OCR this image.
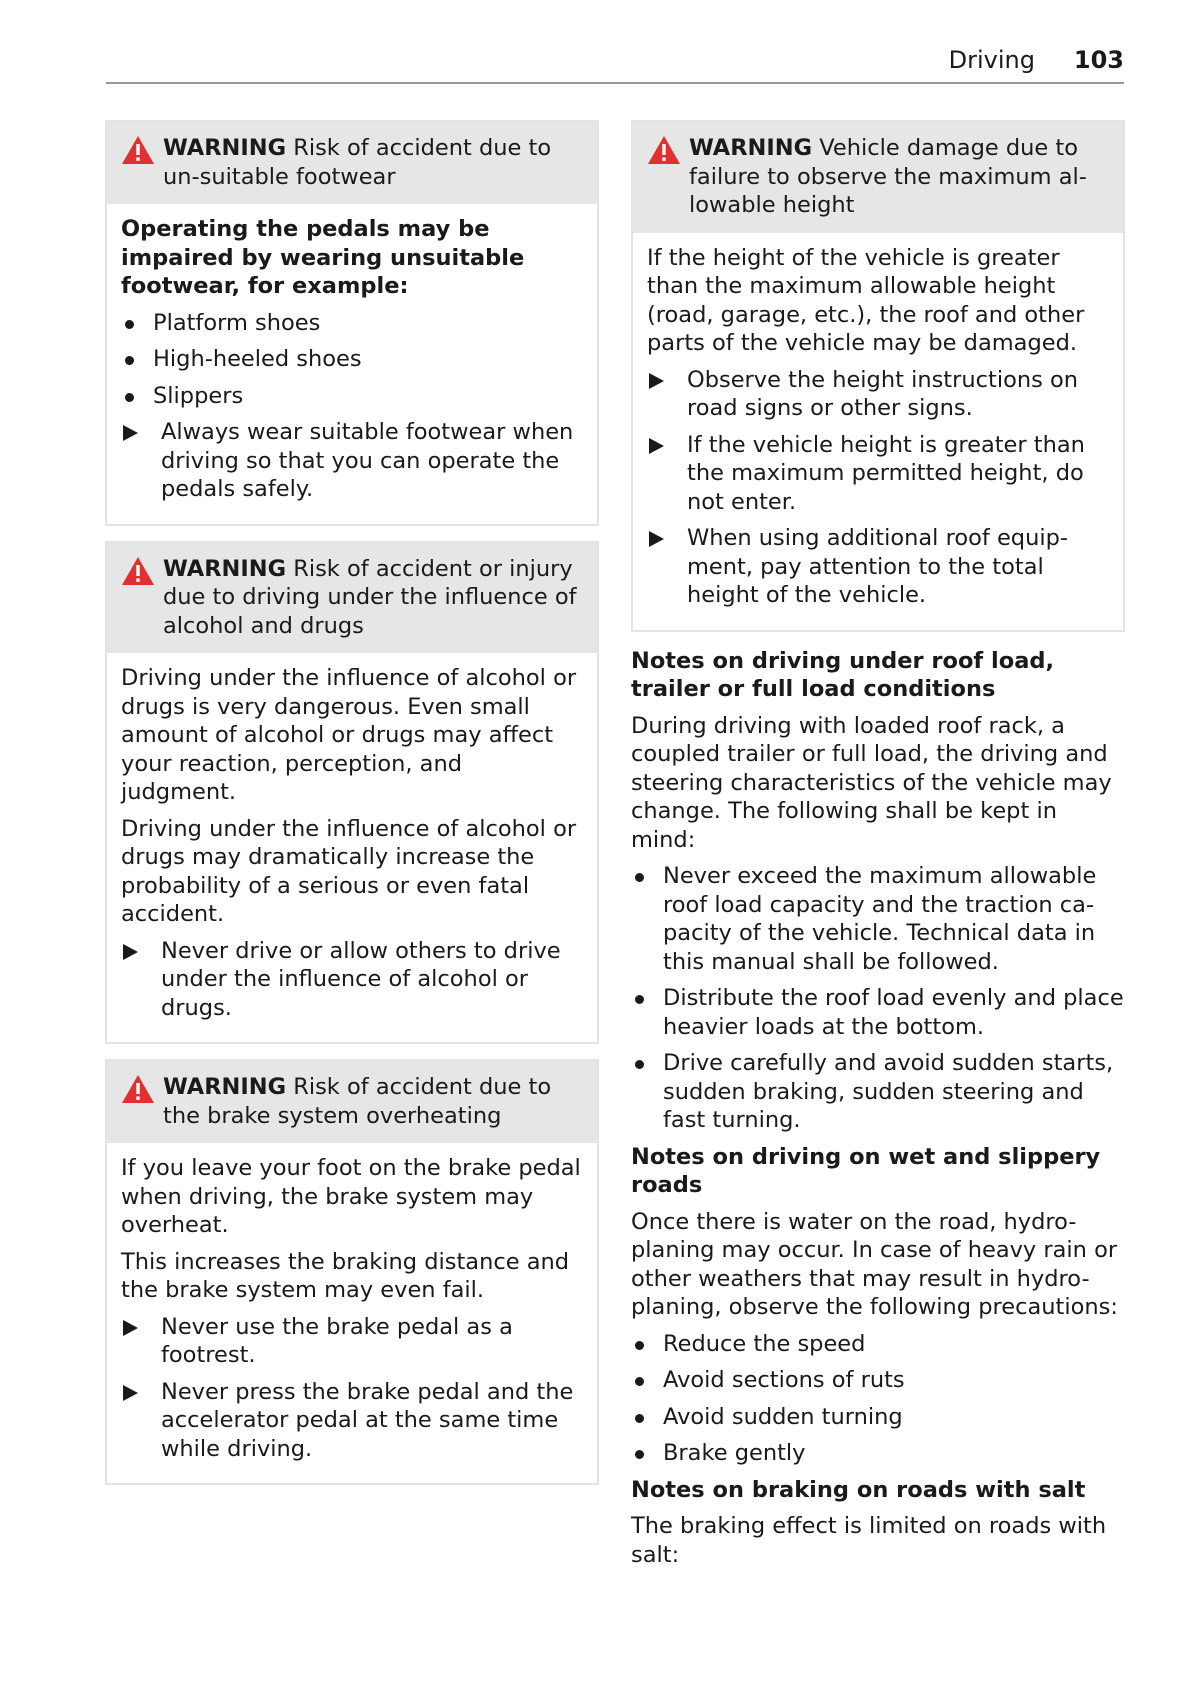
Driving 103
WARNING Risk of accident due to un-suitable footwear

Operating the pedals may be impaired by wearing unsuitable footwear, for example:

Platform shoes
High-heeled shoes
Slippers
Always wear suitable footwear when driving so that you can operate the pedals safely.
WARNING Risk of accident or injury due to driving under the influence of alcohol and drugs

Driving under the influence of alcohol or drugs is very dangerous. Even small amount of alcohol or drugs may affect your reaction, perception, and judgment.

Driving under the influence of alcohol or drugs may dramatically increase the probability of a serious or even fatal accident.

Never drive or allow others to drive under the influence of alcohol or drugs.
WARNING Risk of accident due to the brake system overheating

If you leave your foot on the brake pedal when driving, the brake system may overheat.

This increases the braking distance and the brake system may even fail.

Never use the brake pedal as a footrest.
Never press the brake pedal and the accelerator pedal at the same time while driving.
WARNING Vehicle damage due to failure to observe the maximum al-lowable height

If the height of the vehicle is greater than the maximum allowable height (road, garage, etc.), the roof and other parts of the vehicle may be damaged.

Observe the height instructions on road signs or other signs.
If the vehicle height is greater than the maximum permitted height, do not enter.
When using additional roof equip-ment, pay attention to the total height of the vehicle.
Notes on driving under roof load, trailer or full load conditions

During driving with loaded roof rack, a coupled trailer or full load, the driving and steering characteristics of the vehicle may change. The following shall be kept in mind:

Never exceed the maximum allowable roof load capacity and the traction ca-pacity of the vehicle. Technical data in this manual shall be followed.
Distribute the roof load evenly and place heavier loads at the bottom.
Drive carefully and avoid sudden starts, sudden braking, sudden steering and fast turning.
Notes on driving on wet and slippery roads

Once there is water on the road, hydro-planing may occur. In case of heavy rain or other weathers that may result in hydro-planing, observe the following precautions:

Reduce the speed
Avoid sections of ruts
Avoid sudden turning
Brake gently
Notes on braking on roads with salt

The braking effect is limited on roads with salt:
